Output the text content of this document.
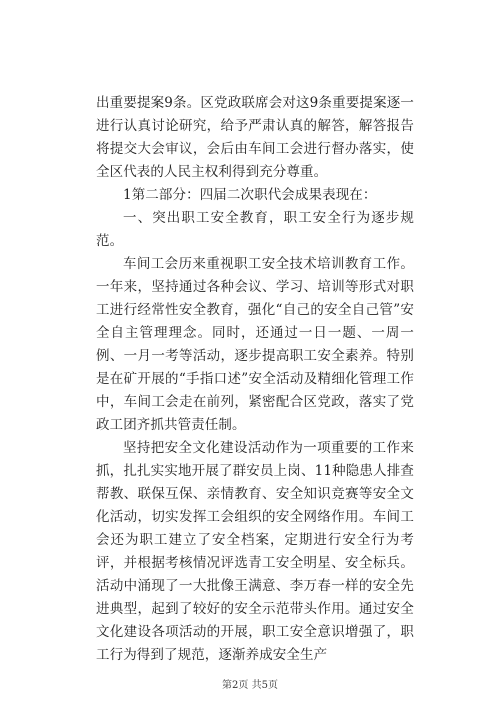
出重要提案9条。区党政联席会对这9条重要提案逐一进行认真讨论研究，给予严肃认真的解答，解答报告将提交大会审议，会后由车间工会进行督办落实，使全区代表的人民主权利得到充分尊重。

1第二部分：四届二次职代会成果表现在：

一、突出职工安全教育，职工安全行为逐步规范。

车间工会历来重视职工安全技术培训教育工作。一年来，坚持通过各种会议、学习、培训等形式对职工进行经常性安全教育，强化“自己的安全自己管”安全自主管理理念。同时，还通过一日一题、一周一例、一月一考等活动，逐步提高职工安全素养。特别是在矿开展的“手指口述”安全活动及精细化管理工作中，车间工会走在前列，紧密配合区党政，落实了党政工团齐抓共管责任制。

坚持把安全文化建设活动作为一项重要的工作来抓，扎扎实实地开展了群安员上岗、11种隐患人排查帮教、联保互保、亲情教育、安全知识竞赛等安全文化活动，切实发挥工会组织的安全网络作用。车间工会还为职工建立了安全档案，定期进行安全行为考评，并根据考核情况评选青工安全明星、安全标兵。活动中涌现了一大批像王满意、李万春一样的安全先进典型，起到了较好的安全示范带头作用。通过安全文化建设各项活动的开展，职工安全意识增强了，职工行为得到了规范，逐渐养成安全生产

第2页 共5页
